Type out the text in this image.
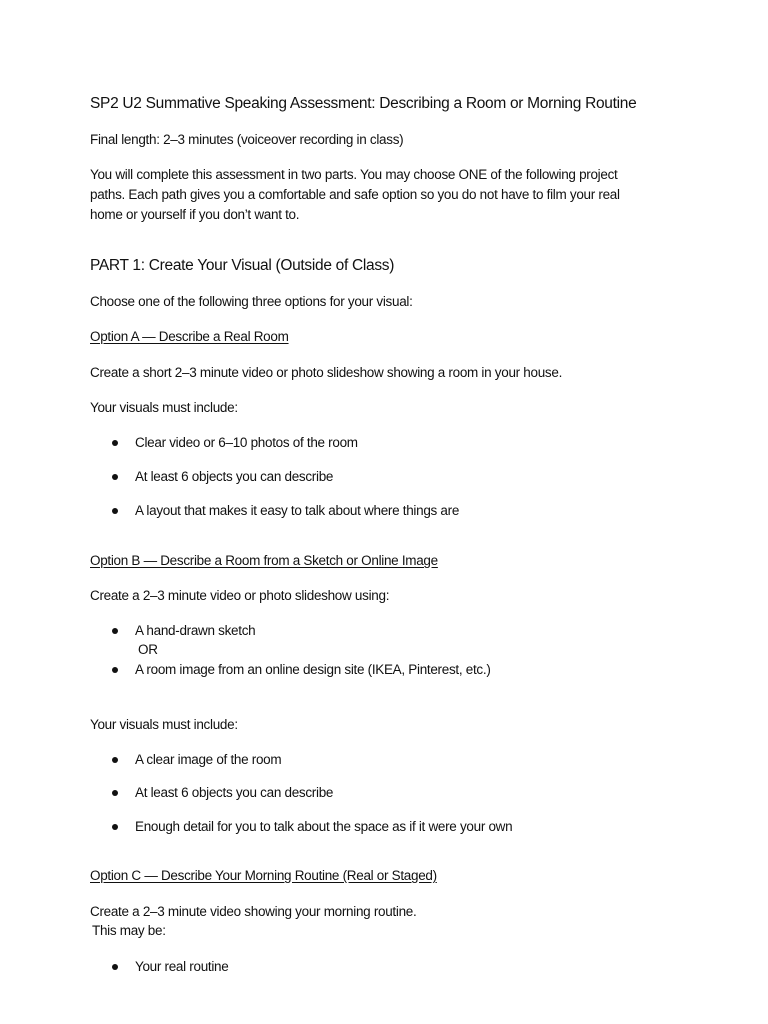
SP2 U2 Summative Speaking Assessment: Describing a Room or Morning Routine

Final length: 2–3 minutes (voiceover recording in class)

You will complete this assessment in two parts. You may choose ONE of the following project

paths. Each path gives you a comfortable and safe option so you do not have to film your real

home or yourself if you don’t want to.

PART 1: Create Your Visual (Outside of Class)

Choose one of the following three options for your visual:

Option A — Describe a Real Room

Create a short 2–3 minute video or photo slideshow showing a room in your house.

Your visuals must include:

Clear video or 6–10 photos of the room

At least 6 objects you can describe

A layout that makes it easy to talk about where things are

Option B — Describe a Room from a Sketch or Online Image

Create a 2–3 minute video or photo slideshow using:

A hand-drawn sketch

OR

A room image from an online design site (IKEA, Pinterest, etc.)

Your visuals must include:

A clear image of the room

At least 6 objects you can describe

Enough detail for you to talk about the space as if it were your own

Option C — Describe Your Morning Routine (Real or Staged)

Create a 2–3 minute video showing your morning routine.

This may be:

Your real routine
